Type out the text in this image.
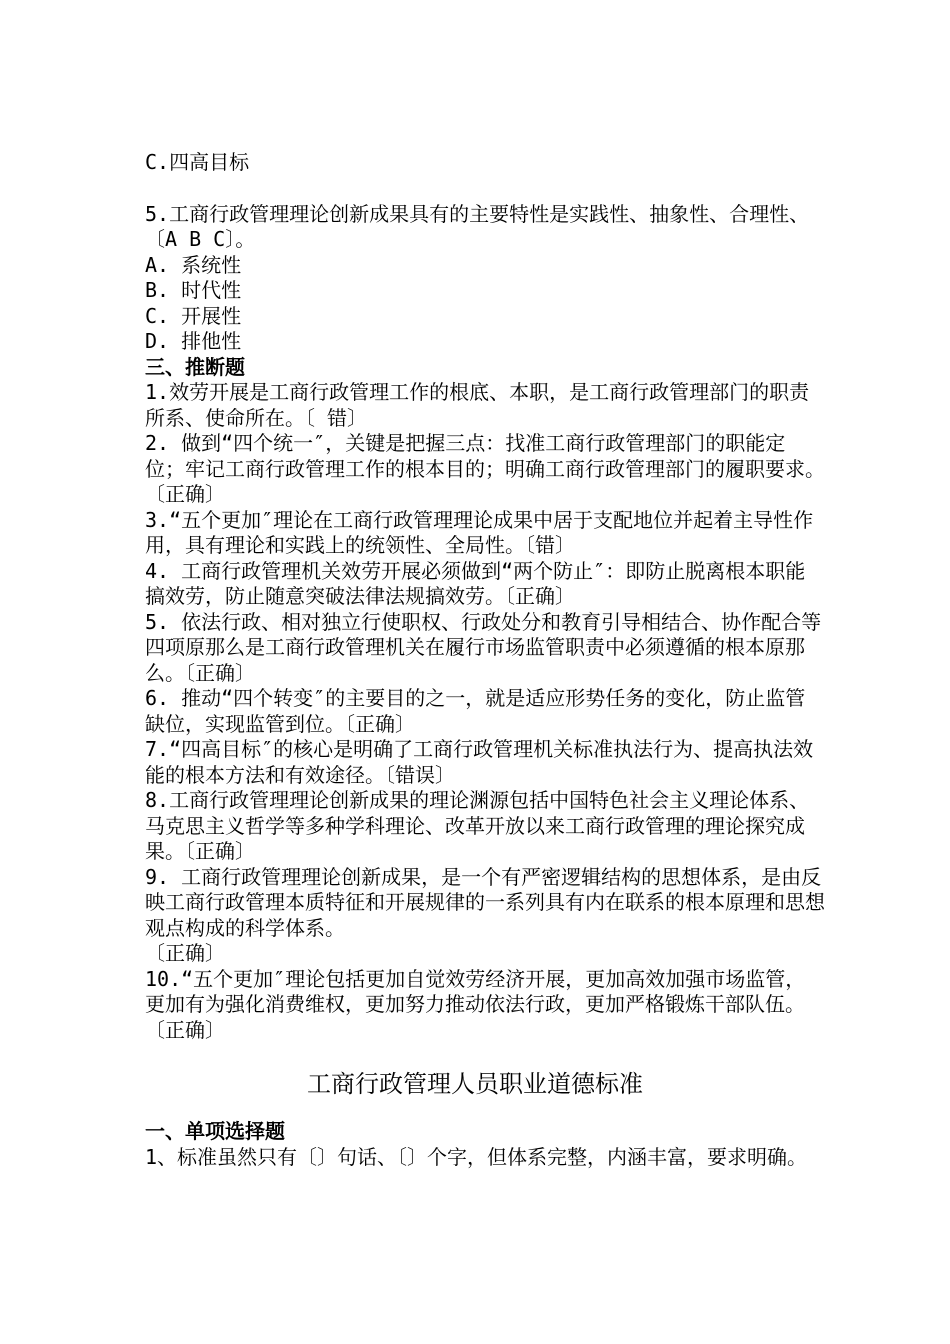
C.四高目标

5.工商行政管理理论创新成果具有的主要特性是实践性、抽象性、合理性、〔A B C〕。

A. 系统性

B. 时代性

C. 开展性

D. 排他性

三、推断题

1.效劳开展是工商行政管理工作的根底、本职，是工商行政管理部门的职责所系、使命所在。〔 错〕

2. 做到“四个统一″，关键是把握三点：找准工商行政管理部门的职能定位；牢记工商行政管理工作的根本目的；明确工商行政管理部门的履职要求。〔正确〕

3.“五个更加″理论在工商行政管理理论成果中居于支配地位并起着主导性作用，具有理论和实践上的统领性、全局性。〔错〕

4. 工商行政管理机关效劳开展必须做到“两个防止″：即防止脱离根本职能搞效劳，防止随意突破法律法规搞效劳。〔正确〕

5. 依法行政、相对独立行使职权、行政处分和教育引导相结合、协作配合等四项原那么是工商行政管理机关在履行市场监管职责中必须遵循的根本原那么。〔正确〕

6. 推动“四个转变″的主要目的之一，就是适应形势任务的变化，防止监管缺位，实现监管到位。〔正确〕

7.“四高目标″的核心是明确了工商行政管理机关标准执法行为、提高执法效能的根本方法和有效途径。〔错误〕

8.工商行政管理理论创新成果的理论渊源包括中国特色社会主义理论体系、马克思主义哲学等多种学科理论、改革开放以来工商行政管理的理论探究成果。〔正确〕

9. 工商行政管理理论创新成果，是一个有严密逻辑结构的思想体系，是由反映工商行政管理本质特征和开展规律的一系列具有内在联系的根本原理和思想观点构成的科学体系。

〔正确〕

10.“五个更加″理论包括更加自觉效劳经济开展，更加高效加强市场监管，更加有为强化消费维权，更加努力推动依法行政，更加严格锻炼干部队伍。〔正确〕

工商行政管理人员职业道德标准

一、单项选择题

1、标准虽然只有〔〕句话、〔〕个字，但体系完整，内涵丰富，要求明确。
